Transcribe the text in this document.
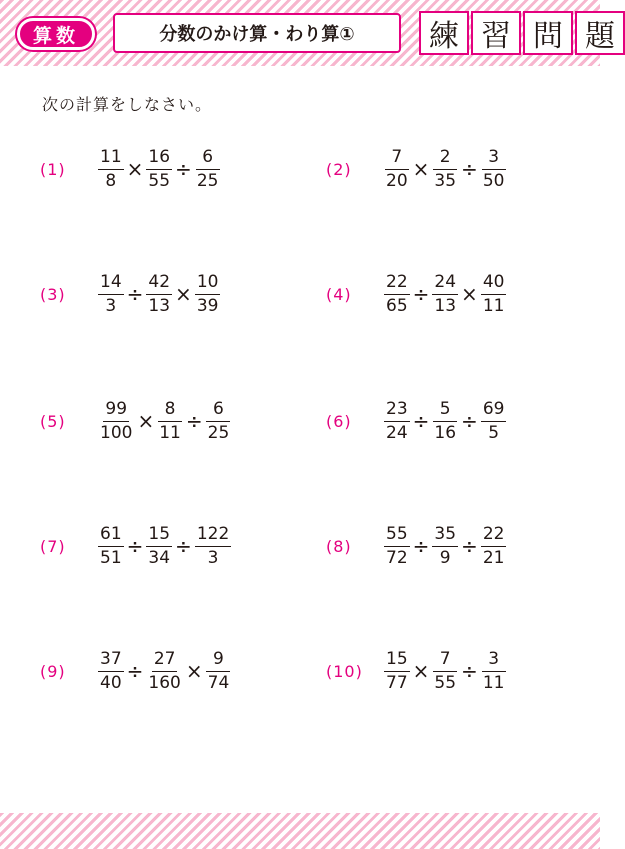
算数	分数のかけ算・わり算①	練 習 問 題
次の計算をしなさい。
(1)	$\frac{11}{8} \times \frac{16}{55} \div \frac{6}{25}$	(2)	$\frac{7}{20} \times \frac{2}{35} \div \frac{3}{50}$
(3)	$\frac{14}{3} \div \frac{42}{13} \times \frac{10}{39}$	(4)	$\frac{22}{65} \div \frac{24}{13} \times \frac{40}{11}$
(5)	$\frac{99}{100} \times \frac{8}{11} \div \frac{6}{25}$	(6)	$\frac{23}{24} \div \frac{5}{16} \div \frac{69}{5}$
(7)	$\frac{61}{51} \div \frac{15}{34} \div \frac{122}{3}$	(8)	$\frac{55}{72} \div \frac{35}{9} \div \frac{22}{21}$
(9)	$\frac{37}{40} \div \frac{27}{160} \times \frac{9}{74}$	(10)	$\frac{15}{77} \times \frac{7}{55} \div \frac{3}{11}$
